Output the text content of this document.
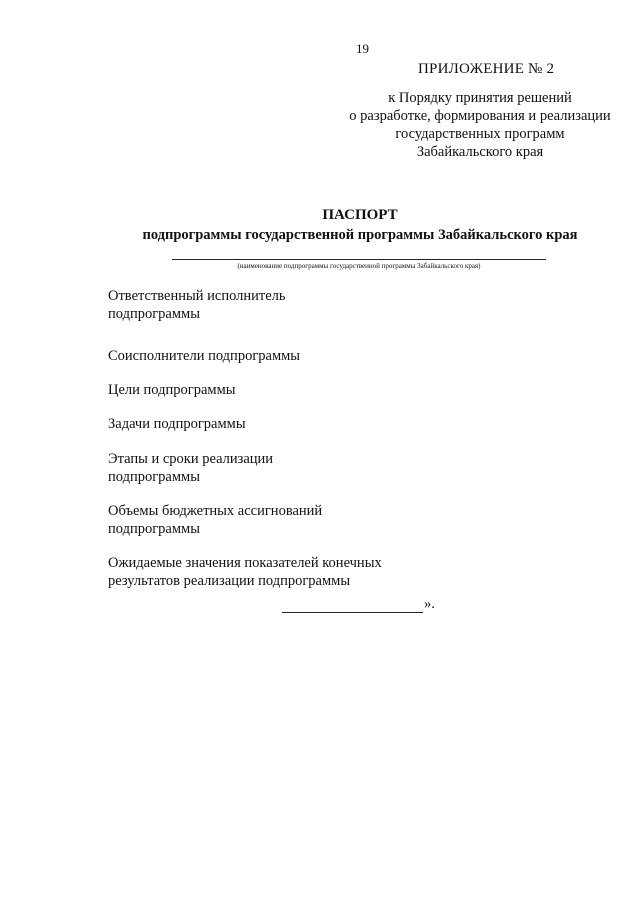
19
ПРИЛОЖЕНИЕ № 2
к Порядку принятия решений
о разработке, формирования и реализации
государственных программ
Забайкальского края
ПАСПОРТ
подпрограммы государственной программы Забайкальского края
(наименование подпрограммы государственной программы Забайкальского края)
Ответственный исполнитель
подпрограммы
Соисполнители подпрограммы
Цели подпрограммы
Задачи подпрограммы
Этапы и сроки реализации
подпрограммы
Объемы бюджетных ассигнований
подпрограммы
Ожидаемые значения показателей конечных
результатов реализации подпрограммы
».
